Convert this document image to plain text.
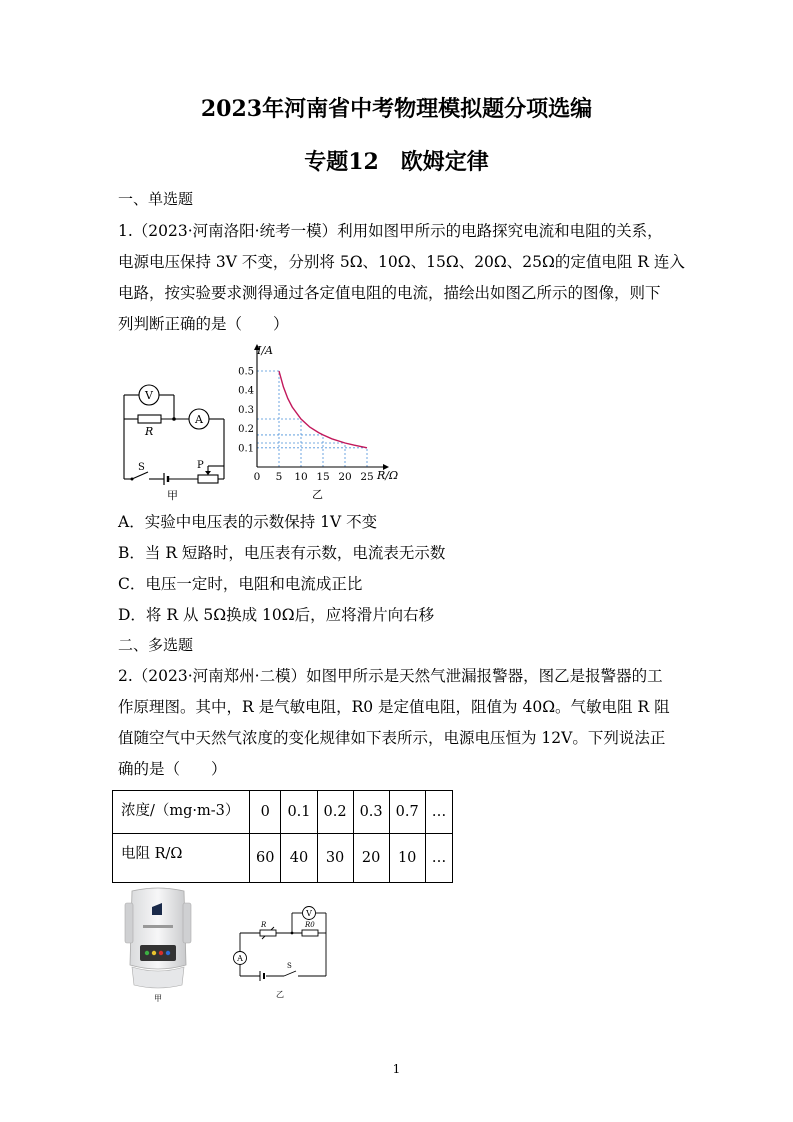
2023年河南省中考物理模拟题分项选编
专题12　欧姆定律
一、单选题
1.（2023·河南洛阳·统考一模）利用如图甲所示的电路探究电流和电阻的关系，
电源电压保持 3V 不变，分别将 5Ω、10Ω、15Ω、20Ω、25Ω的定值电阻 R 连入
电路，按实验要求测得通过各定值电阻的电流，描绘出如图乙所示的图像，则下
列判断正确的是（　　）
V
A
R
S	P
甲
0 5 10 15 20 25
0.1
0.2
0.3
0.4
0.5
I/A
R/Ω
乙
A．实验中电压表的示数保持 1V 不变
B．当 R 短路时，电压表有示数，电流表无示数
C．电压一定时，电阻和电流成正比
D．将 R 从 5Ω换成 10Ω后，应将滑片向右移
二、多选题
2.（2023·河南郑州·二模）如图甲所示是天然气泄漏报警器，图乙是报警器的工
作原理图。其中，R 是气敏电阻，R0 是定值电阻，阻值为 40Ω。气敏电阻 R 阻
值随空气中天然气浓度的变化规律如下表所示，电源电压恒为 12V。下列说法正
确的是（　　）
浓度/（mg·m-3）	0	0.1	0.2	0.3	0.7	…
电阻 R/Ω	60	40	30	20	10	…
甲
V
A
R	R0
S
乙
1
